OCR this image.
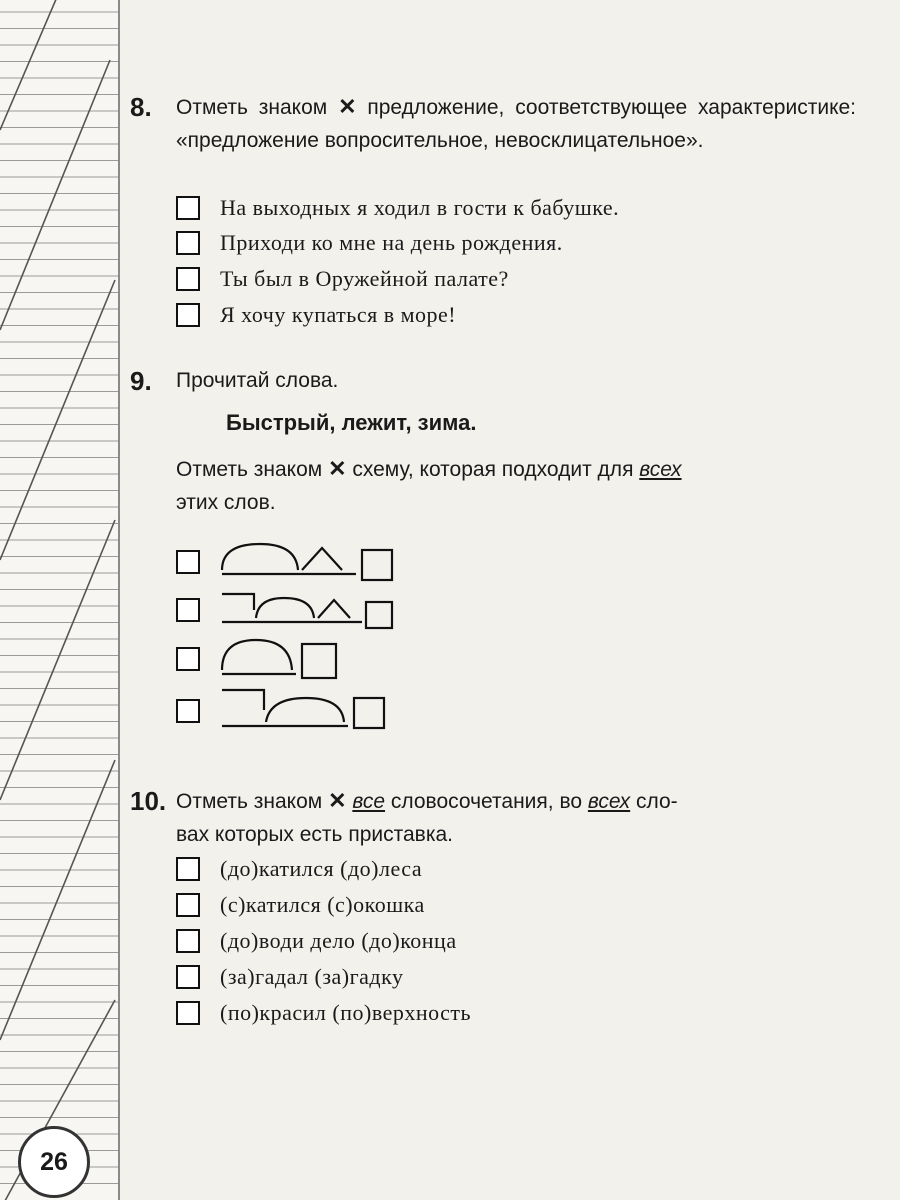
26
8. Отметь знаком ✕ предложение, соответствующее характеристике: «предложение вопросительное, невосклицательное».
На выходных я ходил в гости к бабушке.
Приходи ко мне на день рождения.
Ты был в Оружейной палате?
Я хочу купаться в море!
9. Прочитай слова.
Быстрый, лежит, зима.
Отметь знаком ✕ схему, которая подходит для всех
этих слов.
10. Отметь знаком ✕ все словосочетания, во всех сло-
вах которых есть приставка.
(до)катился (до)леса
(с)катился (с)окошка
(до)води дело (до)конца
(за)гадал (за)гадку
(по)красил (по)верхность
